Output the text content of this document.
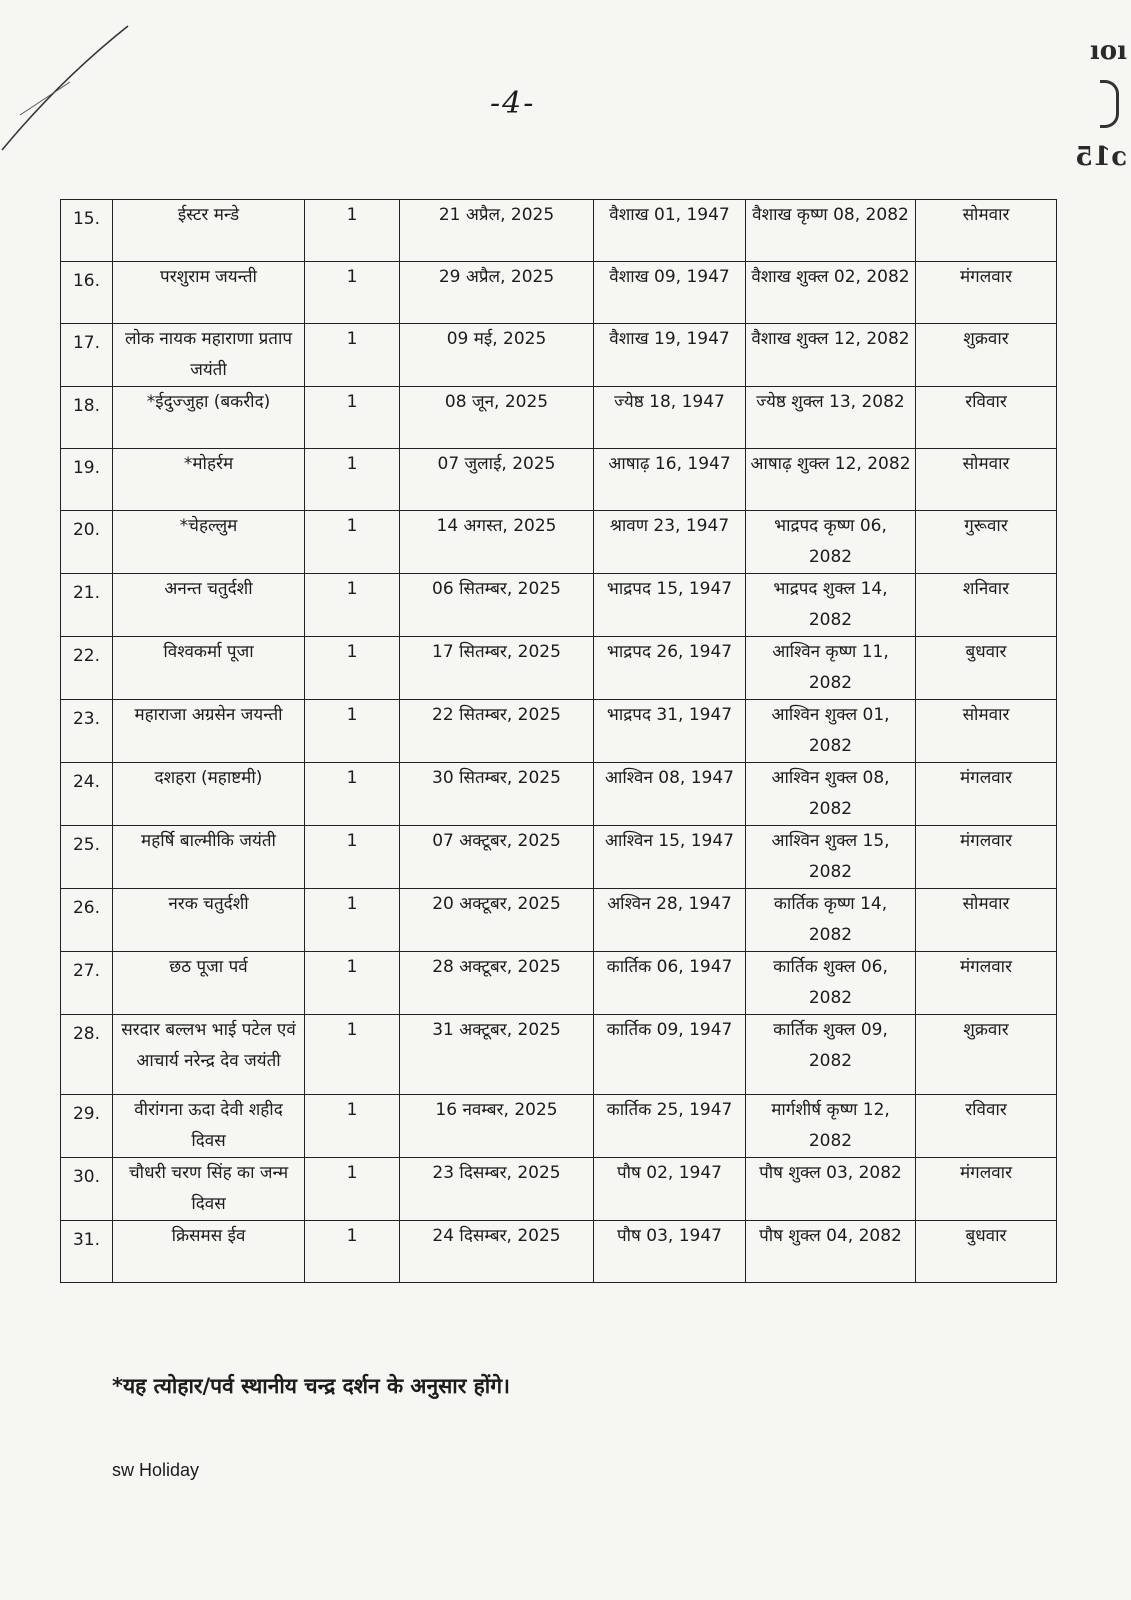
-4-
ıoı
ɔ15
15.	ईस्टर मन्डे	1	21 अप्रैल, 2025	वैशाख 01, 1947	वैशाख कृष्ण 08, 2082	सोमवार
16.	परशुराम जयन्ती	1	29 अप्रैल, 2025	वैशाख 09, 1947	वैशाख शुक्ल 02, 2082	मंगलवार
17.	लोक नायक महाराणा प्रताप जयंती	1	09 मई, 2025	वैशाख 19, 1947	वैशाख शुक्ल 12, 2082	शुक्रवार
18.	*ईदुज्जुहा (बकरीद)	1	08 जून, 2025	ज्येष्ठ 18, 1947	ज्येष्ठ शुक्ल 13, 2082	रविवार
19.	*मोहर्रम	1	07 जुलाई, 2025	आषाढ़ 16, 1947	आषाढ़ शुक्ल 12, 2082	सोमवार
20.	*चेहल्लुम	1	14 अगस्त, 2025	श्रावण 23, 1947	भाद्रपद कृष्ण 06, 2082	गुरूवार
21.	अनन्त चतुर्दशी	1	06 सितम्बर, 2025	भाद्रपद 15, 1947	भाद्रपद शुक्ल 14, 2082	शनिवार
22.	विश्वकर्मा पूजा	1	17 सितम्बर, 2025	भाद्रपद 26, 1947	आश्विन कृष्ण 11, 2082	बुधवार
23.	महाराजा अग्रसेन जयन्ती	1	22 सितम्बर, 2025	भाद्रपद 31, 1947	आश्विन शुक्ल 01, 2082	सोमवार
24.	दशहरा (महाष्टमी)	1	30 सितम्बर, 2025	आश्विन 08, 1947	आश्विन शुक्ल 08, 2082	मंगलवार
25.	महर्षि बाल्मीकि जयंती	1	07 अक्टूबर, 2025	आश्विन 15, 1947	आश्विन शुक्ल 15, 2082	मंगलवार
26.	नरक चतुर्दशी	1	20 अक्टूबर, 2025	अश्विन 28, 1947	कार्तिक कृष्ण 14, 2082	सोमवार
27.	छठ पूजा पर्व	1	28 अक्टूबर, 2025	कार्तिक 06, 1947	कार्तिक शुक्ल 06, 2082	मंगलवार
28.	सरदार बल्लभ भाई पटेल एवं आचार्य नरेन्द्र देव जयंती	1	31 अक्टूबर, 2025	कार्तिक 09, 1947	कार्तिक शुक्ल 09, 2082	शुक्रवार
29.	वीरांगना ऊदा देवी शहीद दिवस	1	16 नवम्बर, 2025	कार्तिक 25, 1947	मार्गशीर्ष कृष्ण 12, 2082	रविवार
30.	चौधरी चरण सिंह का जन्म दिवस	1	23 दिसम्बर, 2025	पौष 02, 1947	पौष शुक्ल 03, 2082	मंगलवार
31.	क्रिसमस ईव	1	24 दिसम्बर, 2025	पौष 03, 1947	पौष शुक्ल 04, 2082	बुधवार
*यह त्योहार/पर्व स्थानीय चन्द्र दर्शन के अनुसार होंगे।
sw Holiday
